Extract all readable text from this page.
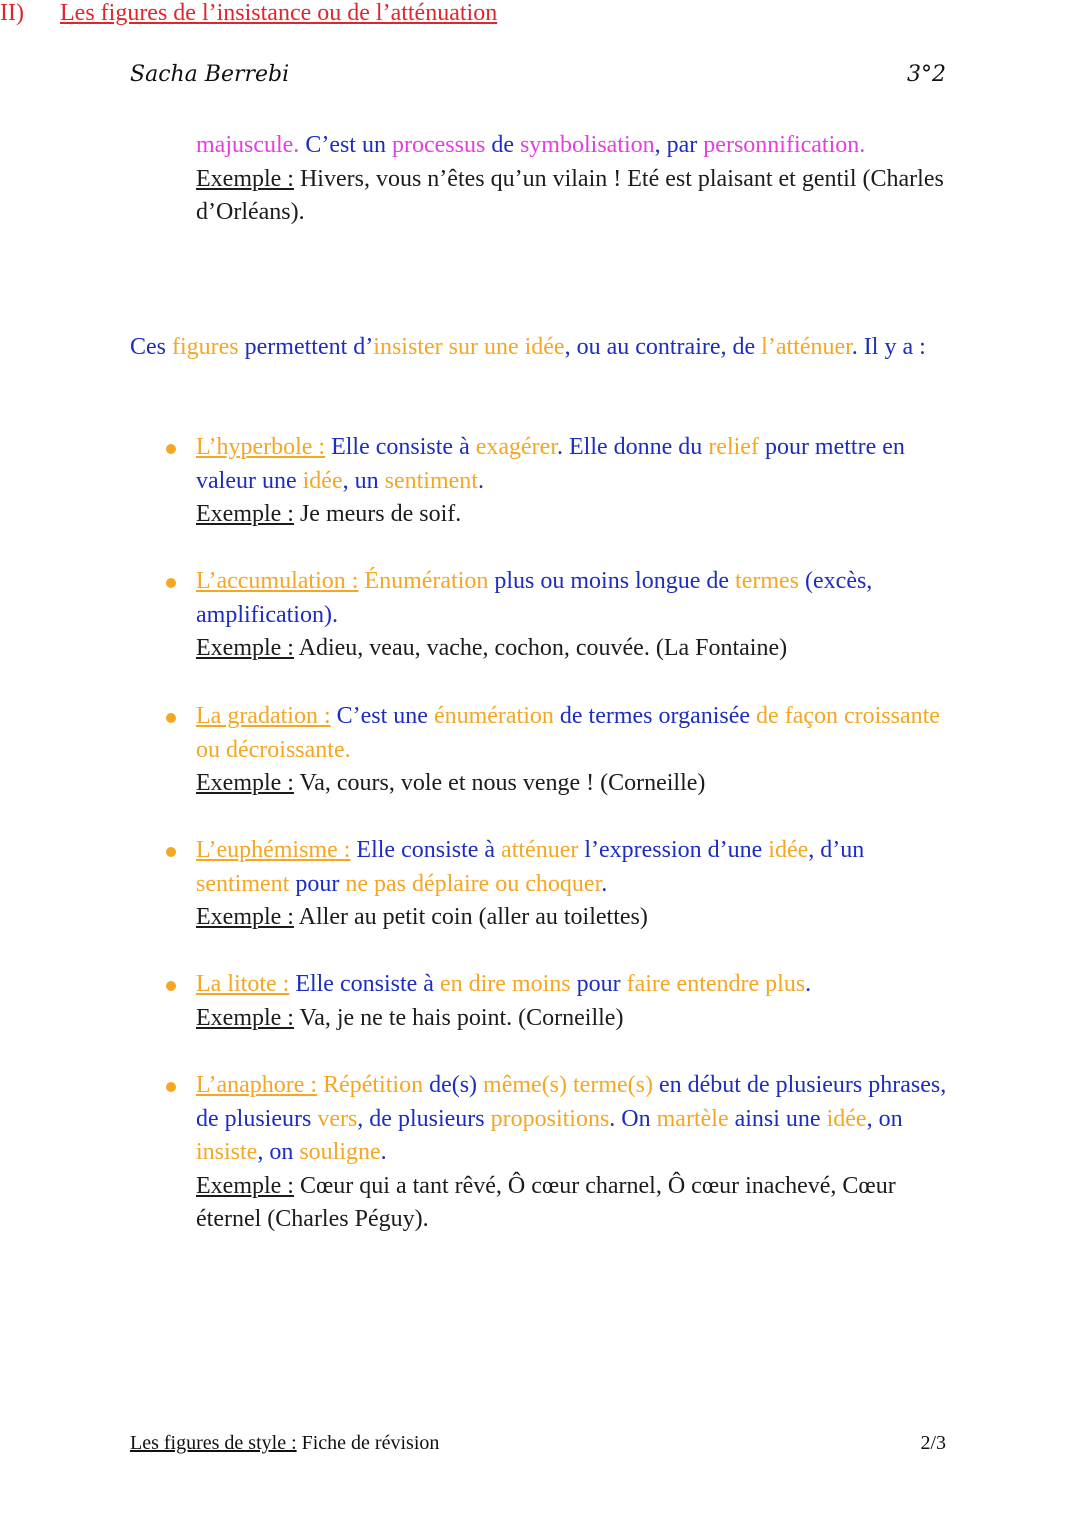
Sacha Berrebi	3°2
majuscule. C’est un processus de symbolisation, par personnification.
Exemple : Hivers, vous n’êtes qu’un vilain ! Eté est plaisant et gentil (Charles d’Orléans).
II) Les figures de l’insistance ou de l’atténuation
Ces figures permettent d’insister sur une idée, ou au contraire, de l’atténuer. Il y a :
L’hyperbole : Elle consiste à exagérer. Elle donne du relief pour mettre en valeur une idée, un sentiment.
Exemple : Je meurs de soif.
L’accumulation : Énumération plus ou moins longue de termes (excès, amplification).
Exemple : Adieu, veau, vache, cochon, couvée. (La Fontaine)
La gradation : C’est une énumération de termes organisée de façon croissante ou décroissante.
Exemple : Va, cours, vole et nous venge ! (Corneille)
L’euphémisme : Elle consiste à atténuer l’expression d’une idée, d’un sentiment pour ne pas déplaire ou choquer.
Exemple : Aller au petit coin (aller au toilettes)
La litote : Elle consiste à en dire moins pour faire entendre plus.
Exemple : Va, je ne te hais point. (Corneille)
L’anaphore : Répétition de(s) même(s) terme(s) en début de plusieurs phrases, de plusieurs vers, de plusieurs propositions. On martèle ainsi une idée, on insiste, on souligne.
Exemple : Cœur qui a tant rêvé, Ô cœur charnel, Ô cœur inachevé, Cœur éternel (Charles Péguy).
Les figures de style : Fiche de révision	2/3
